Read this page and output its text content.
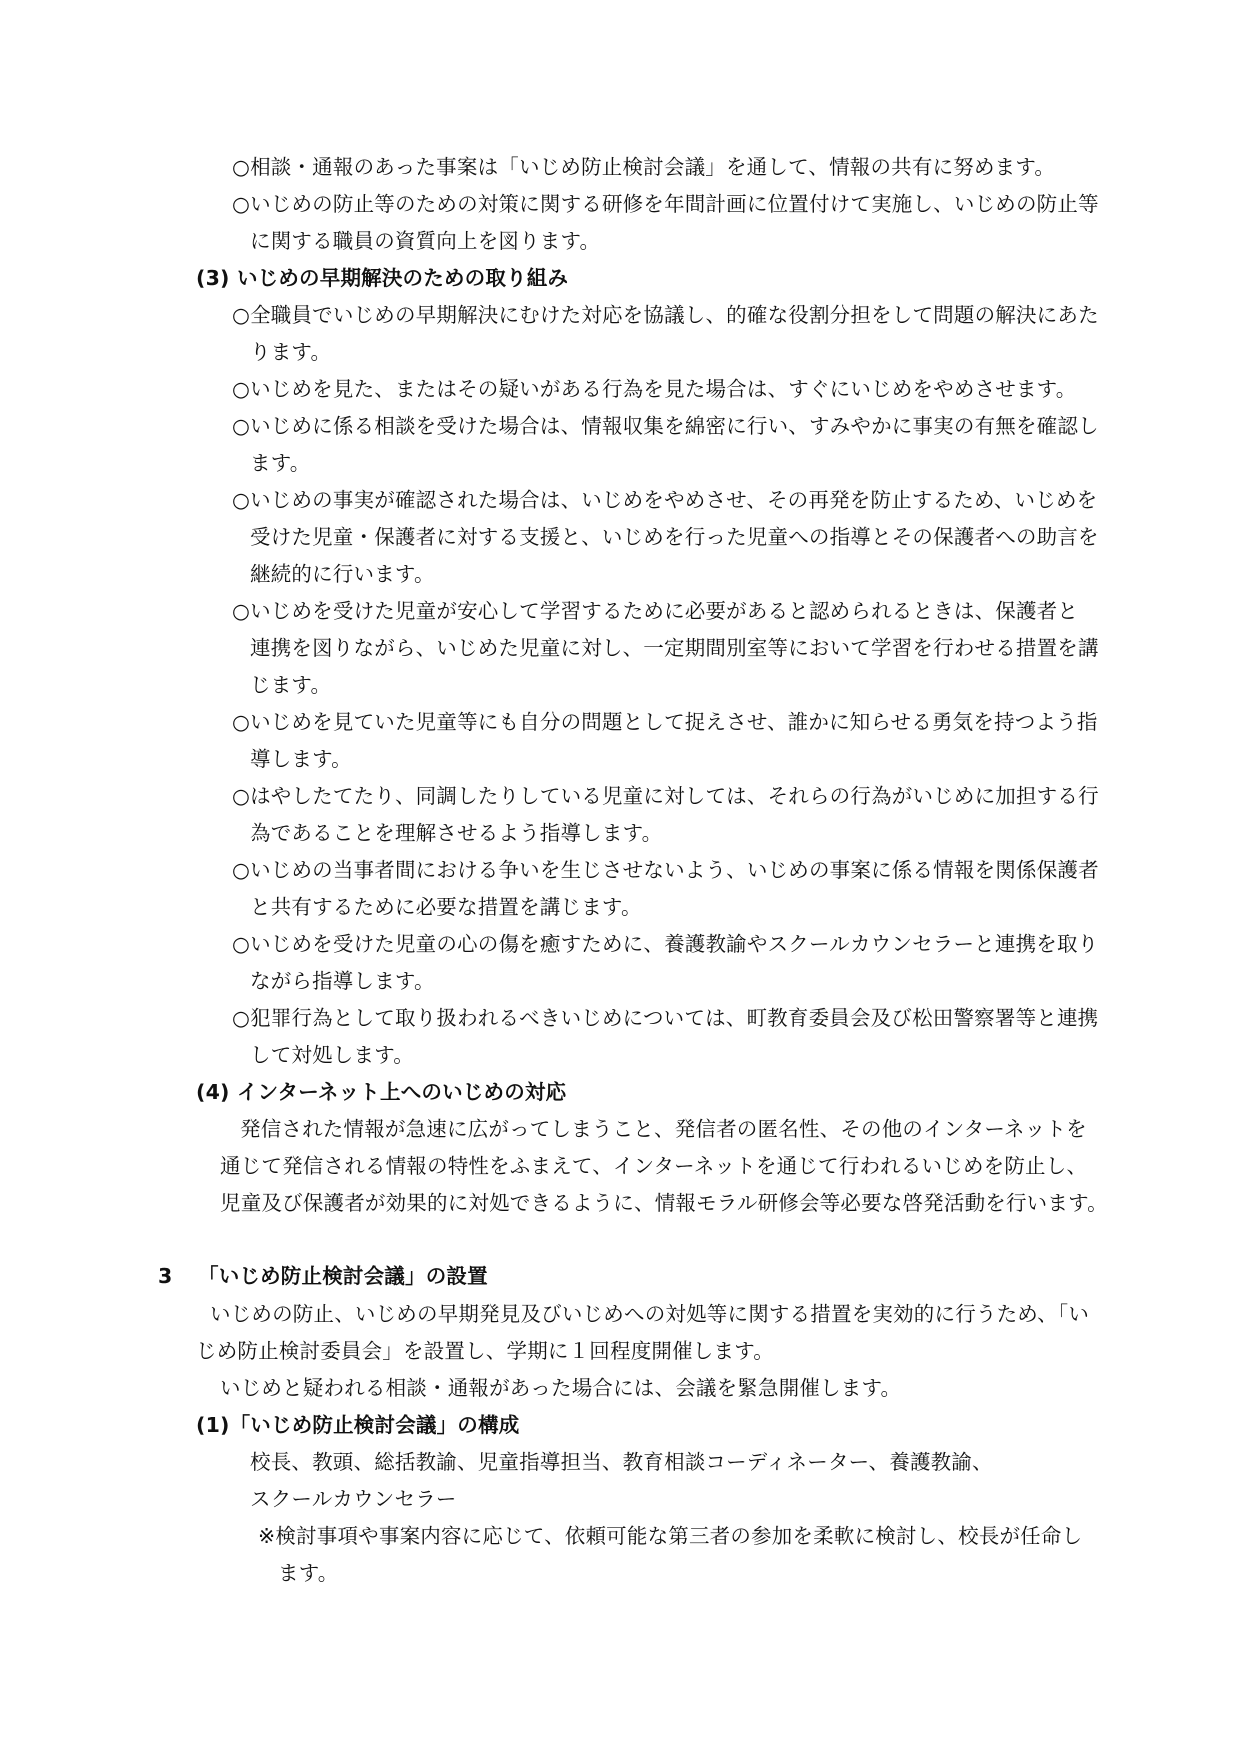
○相談・通報のあった事案は「いじめ防止検討会議」を通して、情報の共有に努めます。
○いじめの防止等のための対策に関する研修を年間計画に位置付けて実施し、いじめの防止等
に関する職員の資質向上を図ります。
(3) いじめの早期解決のための取り組み
○全職員でいじめの早期解決にむけた対応を協議し、的確な役割分担をして問題の解決にあた
ります。
○いじめを見た、またはその疑いがある行為を見た場合は、すぐにいじめをやめさせます。
○いじめに係る相談を受けた場合は、情報収集を綿密に行い、すみやかに事実の有無を確認し
ます。
○いじめの事実が確認された場合は、いじめをやめさせ、その再発を防止するため、いじめを
受けた児童・保護者に対する支援と、いじめを行った児童への指導とその保護者への助言を
継続的に行います。
○いじめを受けた児童が安心して学習するために必要があると認められるときは、保護者と
連携を図りながら、いじめた児童に対し、一定期間別室等において学習を行わせる措置を講
じます。
○いじめを見ていた児童等にも自分の問題として捉えさせ、誰かに知らせる勇気を持つよう指
導します。
○はやしたてたり、同調したりしている児童に対しては、それらの行為がいじめに加担する行
為であることを理解させるよう指導します。
○いじめの当事者間における争いを生じさせないよう、いじめの事案に係る情報を関係保護者
と共有するために必要な措置を講じます。
○いじめを受けた児童の心の傷を癒すために、養護教諭やスクールカウンセラーと連携を取り
ながら指導します。
○犯罪行為として取り扱われるべきいじめについては、町教育委員会及び松田警察署等と連携
して対処します。
(4) インターネット上へのいじめの対応
発信された情報が急速に広がってしまうこと、発信者の匿名性、その他のインターネットを
通じて発信される情報の特性をふまえて、インターネットを通じて行われるいじめを防止し、
児童及び保護者が効果的に対処できるように、情報モラル研修会等必要な啓発活動を行います。
3 「いじめ防止検討会議」の設置
いじめの防止、いじめの早期発見及びいじめへの対処等に関する措置を実効的に行うため、「い
じめ防止検討委員会」を設置し、学期に１回程度開催します。
いじめと疑われる相談・通報があった場合には、会議を緊急開催します。
(1)「いじめ防止検討会議」の構成
校長、教頭、総括教諭、児童指導担当、教育相談コーディネーター、養護教諭、
スクールカウンセラー
※検討事項や事案内容に応じて、依頼可能な第三者の参加を柔軟に検討し、校長が任命し
ます。
